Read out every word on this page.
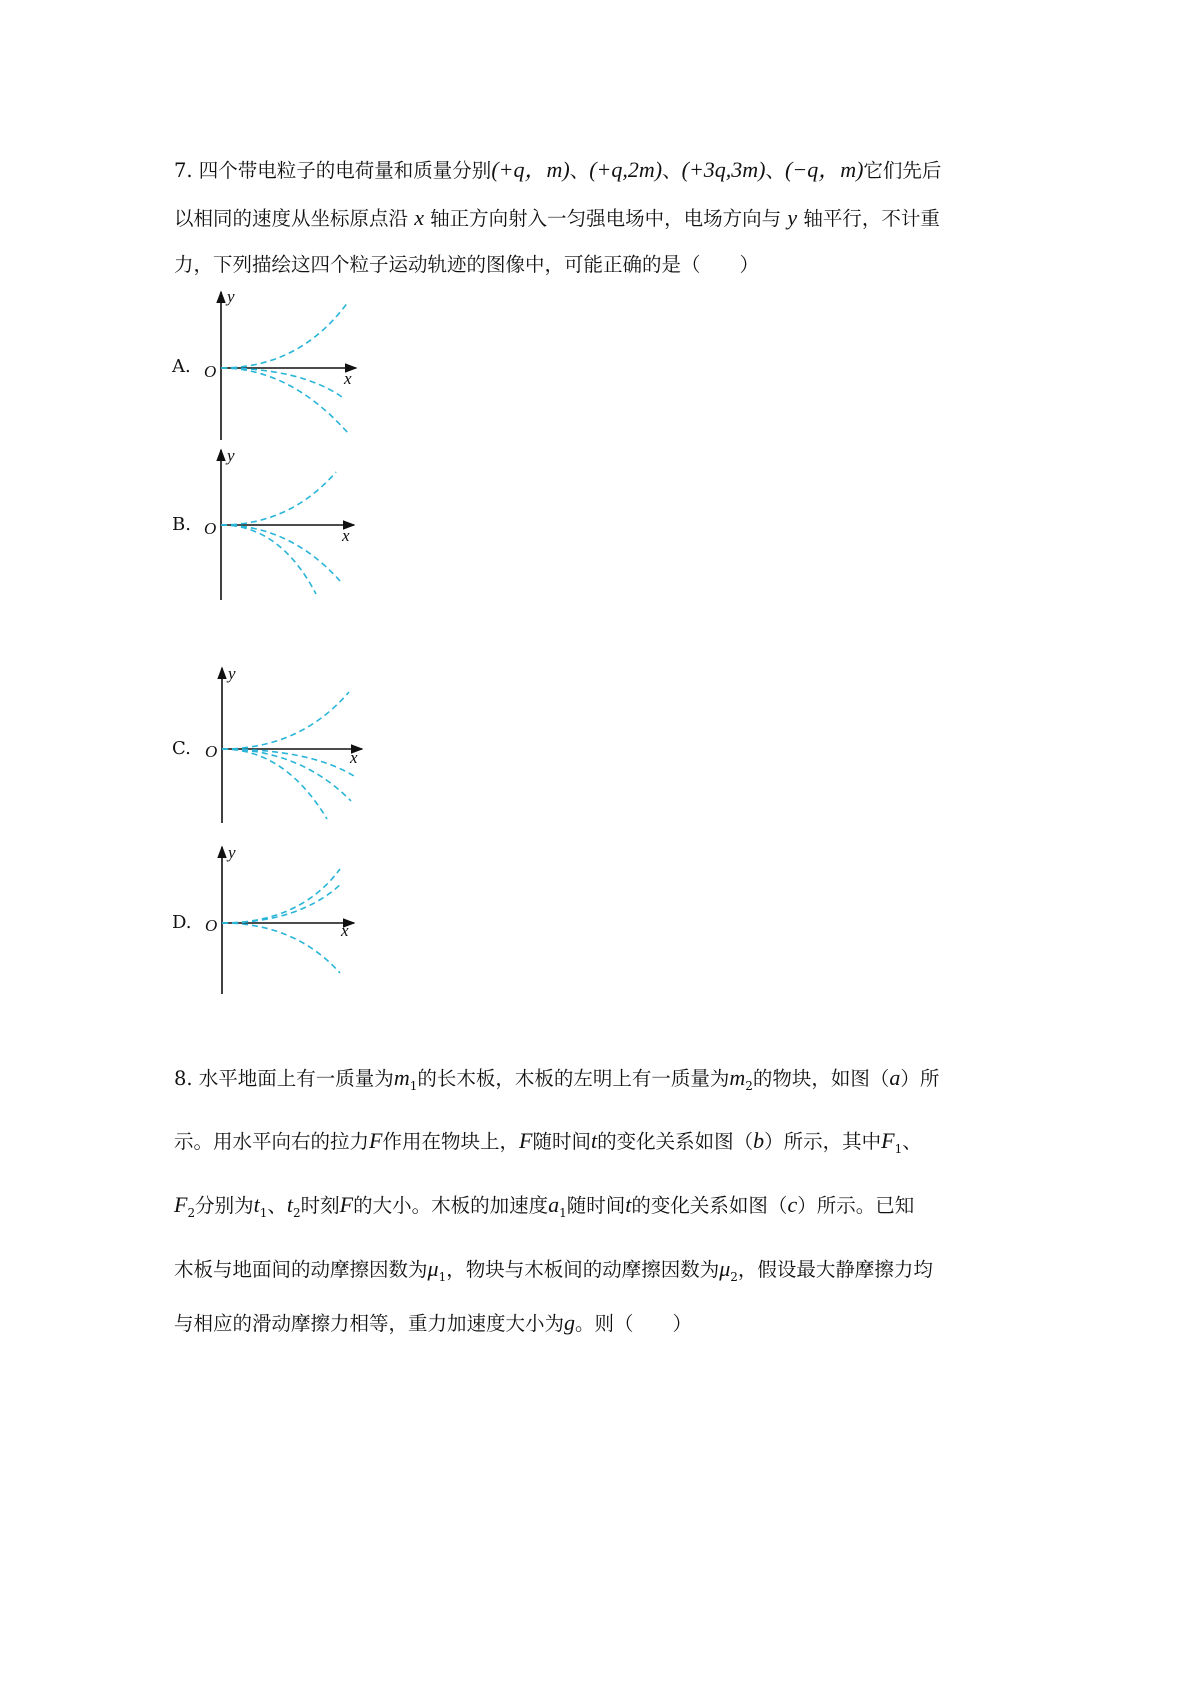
7. 四个带电粒子的电荷量和质量分别(+q，m)、(+q,2m)、(+3q,3m)、(−q，m)它们先后
以相同的速度从坐标原点沿 x 轴正方向射入一匀强电场中，电场方向与 y 轴平行，不计重
力，下列描绘这四个粒子运动轨迹的图像中，可能正确的是（　　）
A.
B.
C.
D.
y
O	x
y
O	x
y
O	x
y
O	x
8. 水平地面上有一质量为$m_1$的长木板，木板的左明上有一质量为$m_2$的物块，如图（a）所
示。用水平向右的拉力F作用在物块上，F随时间t的变化关系如图（b）所示，其中$F_1$、
$F_2$分别为$t_1$、$t_2$时刻F的大小。木板的加速度$a_1$随时间t的变化关系如图（c）所示。已知
木板与地面间的动摩擦因数为$\mu_1$，物块与木板间的动摩擦因数为$\mu_2$，假设最大静摩擦力均
与相应的滑动摩擦力相等，重力加速度大小为g。则（　　）
